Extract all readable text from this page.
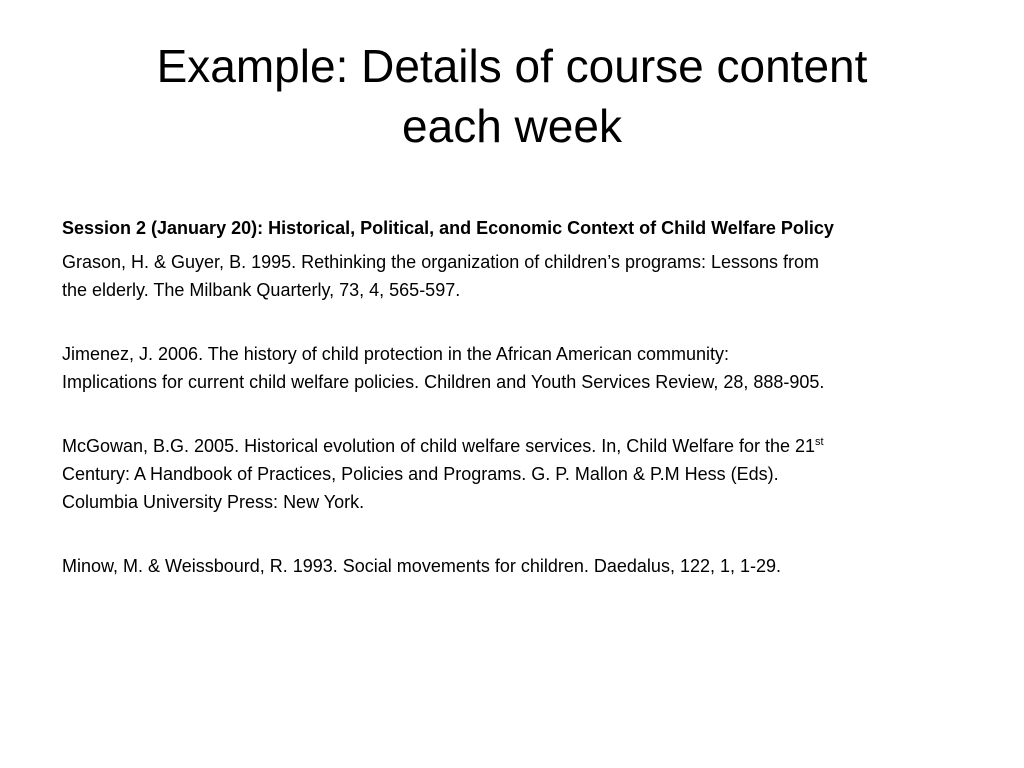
Example: Details of course content
each week

Session 2 (January 20): Historical, Political, and Economic Context of Child Welfare Policy

Grason, H. & Guyer, B. 1995. Rethinking the organization of children’s programs: Lessons from
the elderly. The Milbank Quarterly, 73, 4, 565-597.

Jimenez, J. 2006. The history of child protection in the African American community:
Implications for current child welfare policies. Children and Youth Services Review, 28, 888-905.

McGowan, B.G. 2005. Historical evolution of child welfare services. In, Child Welfare for the 21st
Century: A Handbook of Practices, Policies and Programs. G. P. Mallon & P.M Hess (Eds).
Columbia University Press: New York.

Minow, M. & Weissbourd, R. 1993. Social movements for children. Daedalus, 122, 1, 1-29.
